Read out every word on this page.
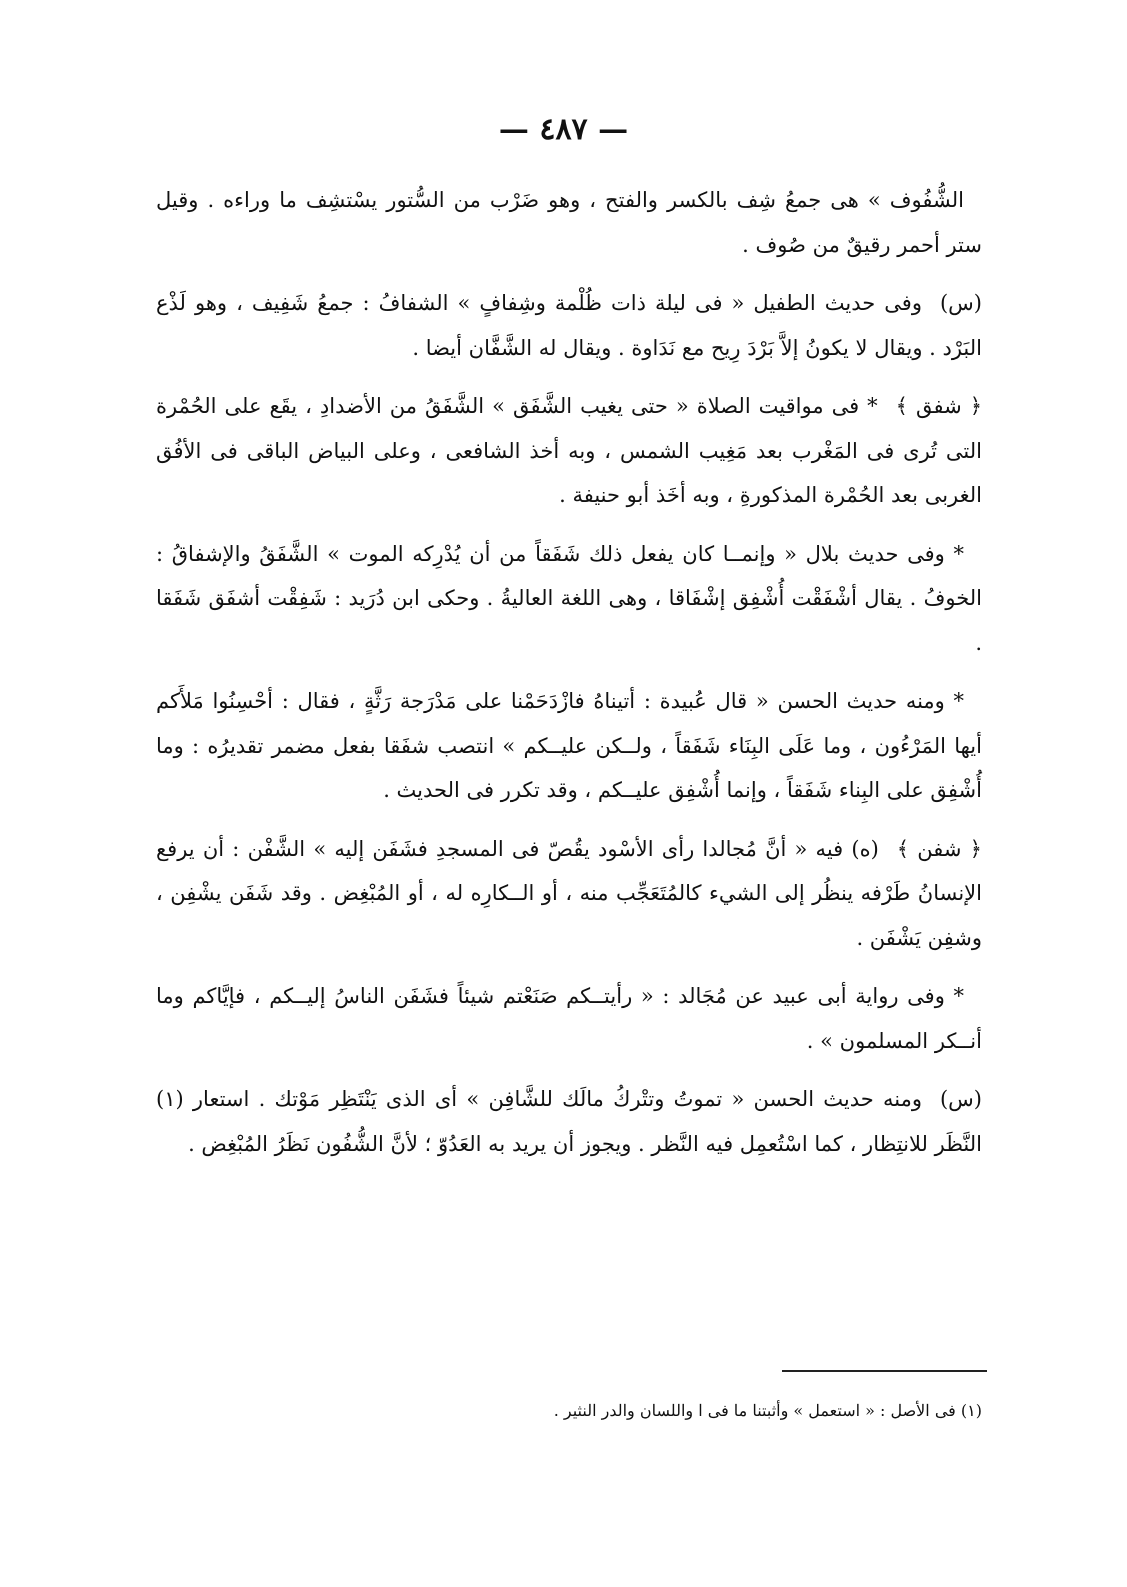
— ٤٨٧ —

الشُّفُوف » هى جمعُ شِف بالكسر والفتح ، وهو ضَرْب من السُّتور يسْتشِف ما وراءه . وقيل ستر أحمر رقيقٌ من صُوف .

(س)وفى حديث الطفيل « فى ليلة ذات ظُلْمة وشِفافٍ » الشفافُ : جمعُ شَفِيف ، وهو لَذْع البَرْد . ويقال لا يكونُ إلاَّ بَرْدَ رِيح مع نَدَاوة . ويقال له الشَّفَّان أيضا .

﴿ شفق ﴾* فى مواقيت الصلاة « حتى يغيب الشَّفَق » الشَّفَقُ من الأضدادِ ، يقَع على الحُمْرة التى تُرى فى المَغْرب بعد مَغِيب الشمس ، وبه أخذ الشافعى ، وعلى البياض الباقى فى الأفُق الغربى بعد الحُمْرة المذكورةِ ، وبه أخَذ أبو حنيفة .

* وفى حديث بلال « وإنمــا كان يفعل ذلك شَفَقاً من أن يُدْرِكه الموت » الشَّفَقُ والإشفاقُ : الخوفُ . يقال أشْفَقْت أُشْفِق إشْفَاقا ، وهى اللغة العاليةُ . وحكى ابن دُرَيد : شَفِقْت أشفَق شَفَقا .

* ومنه حديث الحسن « قال عُبيدة : أتيناهُ فازْدَحَمْنا على مَدْرَجة رَثَّةٍ ، فقال : أحْسِنُوا مَلأَكم أيها المَرْءُون ، وما عَلَى البِنَاء شَفَقاً ، ولــكن عليــكم » انتصب شفَقا بفعل مضمر تقديرُه : وما أُشْفِق على البِناء شَفَقاً ، وإنما أُشْفِق عليــكم ، وقد تكرر فى الحديث .

﴿ شفن ﴾(ه) فيه « أنَّ مُجالدا رأى الأسْود يقُصّ فى المسجدِ فشَفَن إليه » الشَّفْن : أن يرفع الإنسانُ طَرْفه ينظُر إلى الشيء كالمُتَعَجِّب منه ، أو الــكارِه له ، أو المُبْغِض . وقد شَفَن يشْفِن ، وشفِن يَشْفَن .

* وفى رواية أبى عبيد عن مُجَالد : « رأيتــكم صَنَعْتم شيئاً فشَفَن الناسُ إليــكم ، فإيَّاكم وما أنــكر المسلمون » .

(س)ومنه حديث الحسن « تموتُ وتتْركُ مالَك للشَّافِن » أى الذى يَنْتَظِر مَوْتك . استعار (١) النَّظَر للانتِظار ، كما اسْتُعمِل فيه النَّظر . ويجوز أن يريد به العَدُوّ ؛ لأنَّ الشُّفُون نَظَرُ المُبْغِض .

(١) فى الأصل : « استعمل » وأثبتنا ما فى ا واللسان والدر النثير .
